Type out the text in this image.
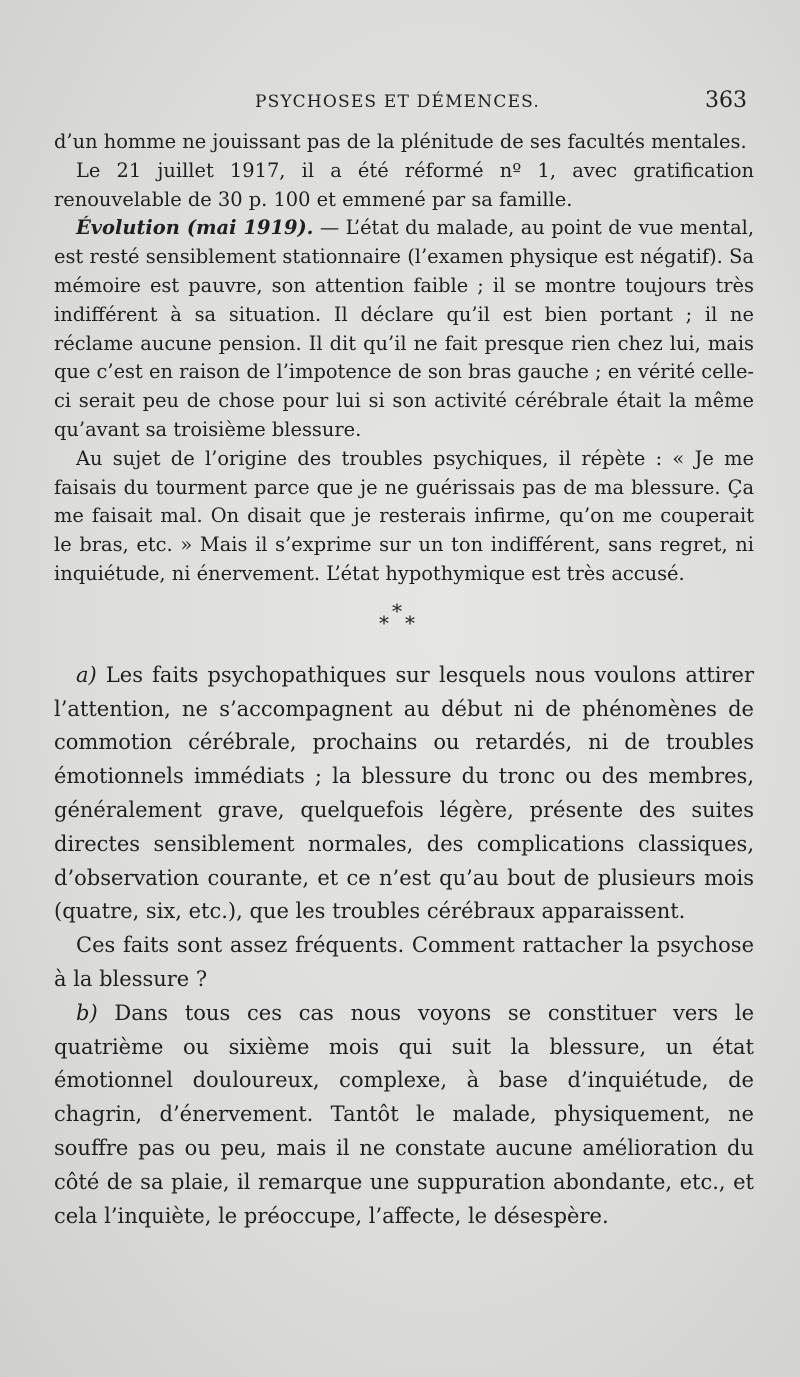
PSYCHOSES ET DÉMENCES.	363

d’un homme ne jouissant pas de la plénitude de ses facultés mentales.

Le 21 juillet 1917, il a été réformé nº 1, avec gratification renouvelable de 30 p. 100 et emmené par sa famille.

Évolution (mai 1919). — L’état du malade, au point de vue mental, est resté sensiblement stationnaire (l’examen physique est négatif). Sa mémoire est pauvre, son attention faible ; il se montre toujours très indifférent à sa situation. Il déclare qu’il est bien portant ; il ne réclame aucune pension. Il dit qu’il ne fait presque rien chez lui, mais que c’est en raison de l’impotence de son bras gauche ; en vérité celle-ci serait peu de chose pour lui si son activité cérébrale était la même qu’avant sa troisième blessure.

Au sujet de l’origine des troubles psychiques, il répète : « Je me faisais du tourment parce que je ne guérissais pas de ma blessure. Ça me faisait mal. On disait que je resterais infirme, qu’on me couperait le bras, etc. » Mais il s’exprime sur un ton indifférent, sans regret, ni inquiétude, ni énervement. L’état hypothymique est très accusé.

*
* *

a) Les faits psychopathiques sur lesquels nous voulons attirer l’attention, ne s’accompagnent au début ni de phénomènes de commotion cérébrale, prochains ou retardés, ni de troubles émotionnels immédiats ; la blessure du tronc ou des membres, généralement grave, quelquefois légère, présente des suites directes sensiblement normales, des complications classiques, d’observation courante, et ce n’est qu’au bout de plusieurs mois (quatre, six, etc.), que les troubles cérébraux apparaissent.

Ces faits sont assez fréquents. Comment rattacher la psychose à la blessure ?

b) Dans tous ces cas nous voyons se constituer vers le quatrième ou sixième mois qui suit la blessure, un état émotionnel douloureux, complexe, à base d’inquiétude, de chagrin, d’énervement. Tantôt le malade, physiquement, ne souffre pas ou peu, mais il ne constate aucune amélioration du côté de sa plaie, il remarque une suppuration abondante, etc., et cela l’inquiète, le préoccupe, l’affecte, le désespère.
